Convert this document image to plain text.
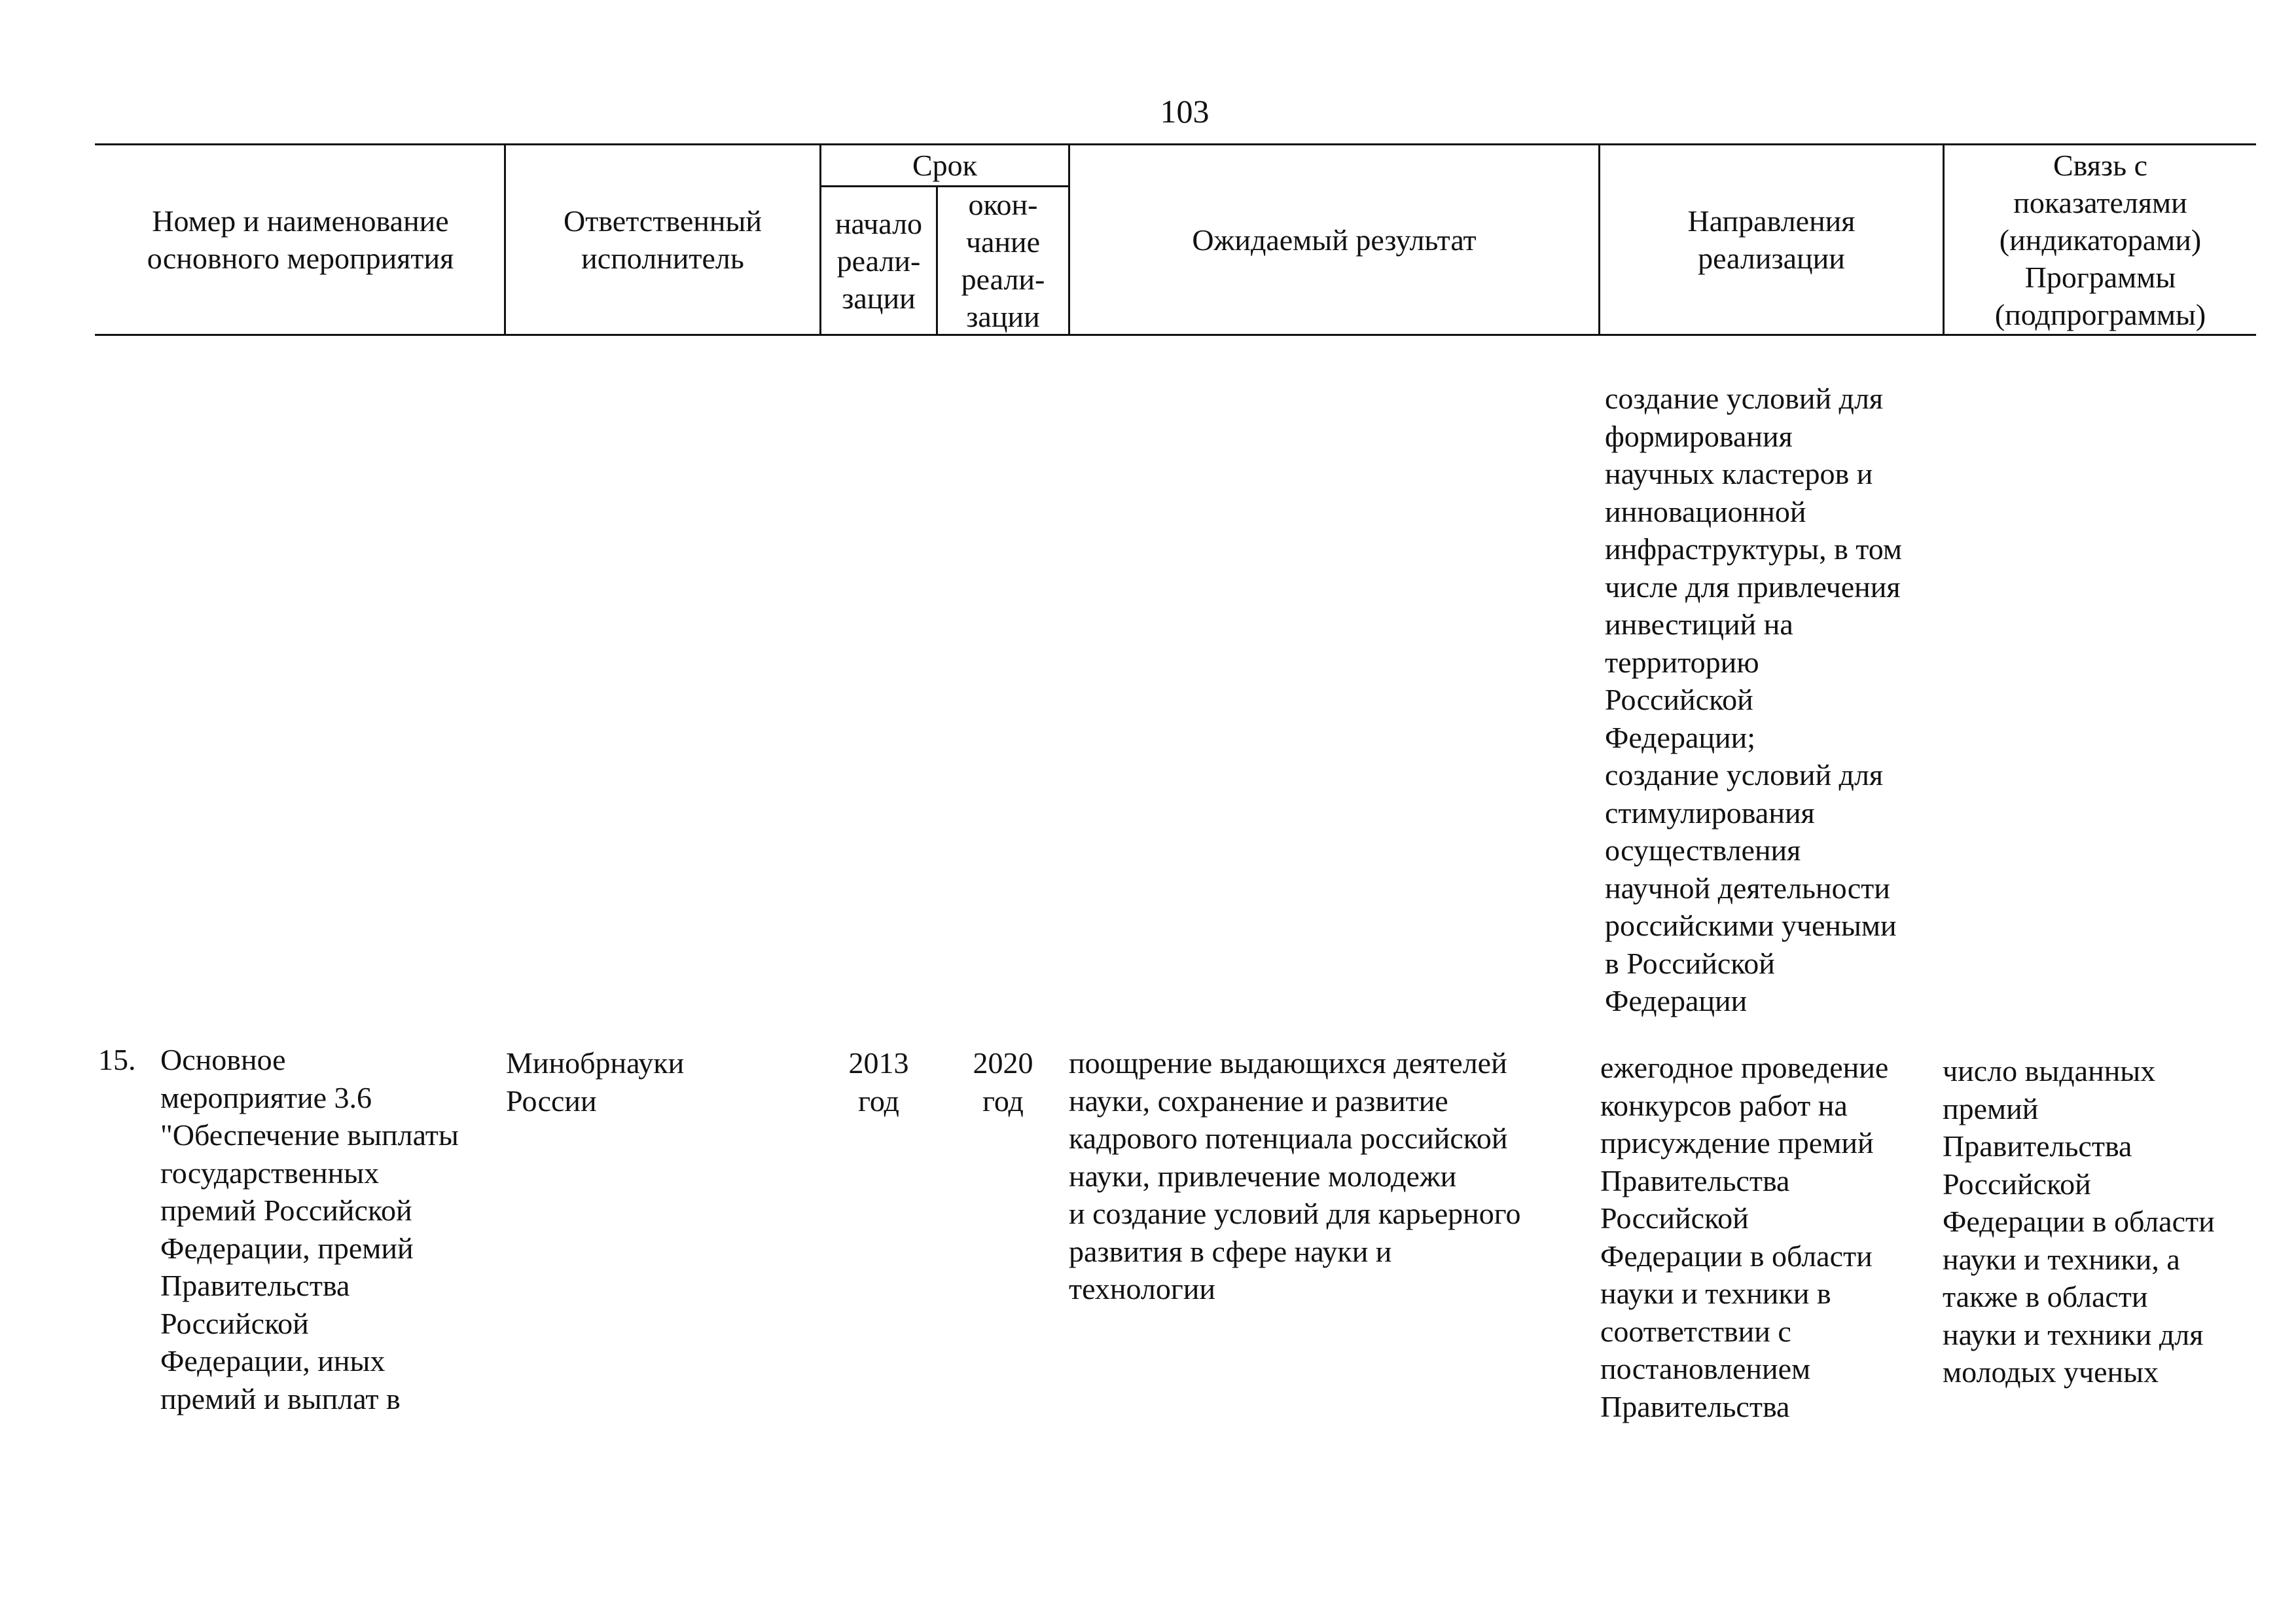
103
Номер и наименование
основного мероприятия
Ответственный
исполнитель
Срок
начало
реали-
зации
окон-
чание
реали-
зации
Ожидаемый результат
Направления
реализации
Связь с
показателями
(индикаторами)
Программы
(подпрограммы)
создание условий для
формирования
научных кластеров и
инновационной
инфраструктуры, в том
числе для привлечения
инвестиций на
территорию
Российской
Федерации;
создание условий для
стимулирования
осуществления
научной деятельности
российскими учеными
в Российской
Федерации
15. Основное
мероприятие 3.6
"Обеспечение выплаты
государственных
премий Российской
Федерации, премий
Правительства
Российской
Федерации, иных
премий и выплат в
Минобрнауки
России
2013
год
2020
год
поощрение выдающихся деятелей
науки, сохранение и развитие
кадрового потенциала российской
науки, привлечение молодежи
и создание условий для карьерного
развития в сфере науки и
технологии
ежегодное проведение
конкурсов работ на
присуждение премий
Правительства
Российской
Федерации в области
науки и техники в
соответствии с
постановлением
Правительства
число выданных
премий
Правительства
Российской
Федерации в области
науки и техники, а
также в области
науки и техники для
молодых ученых
